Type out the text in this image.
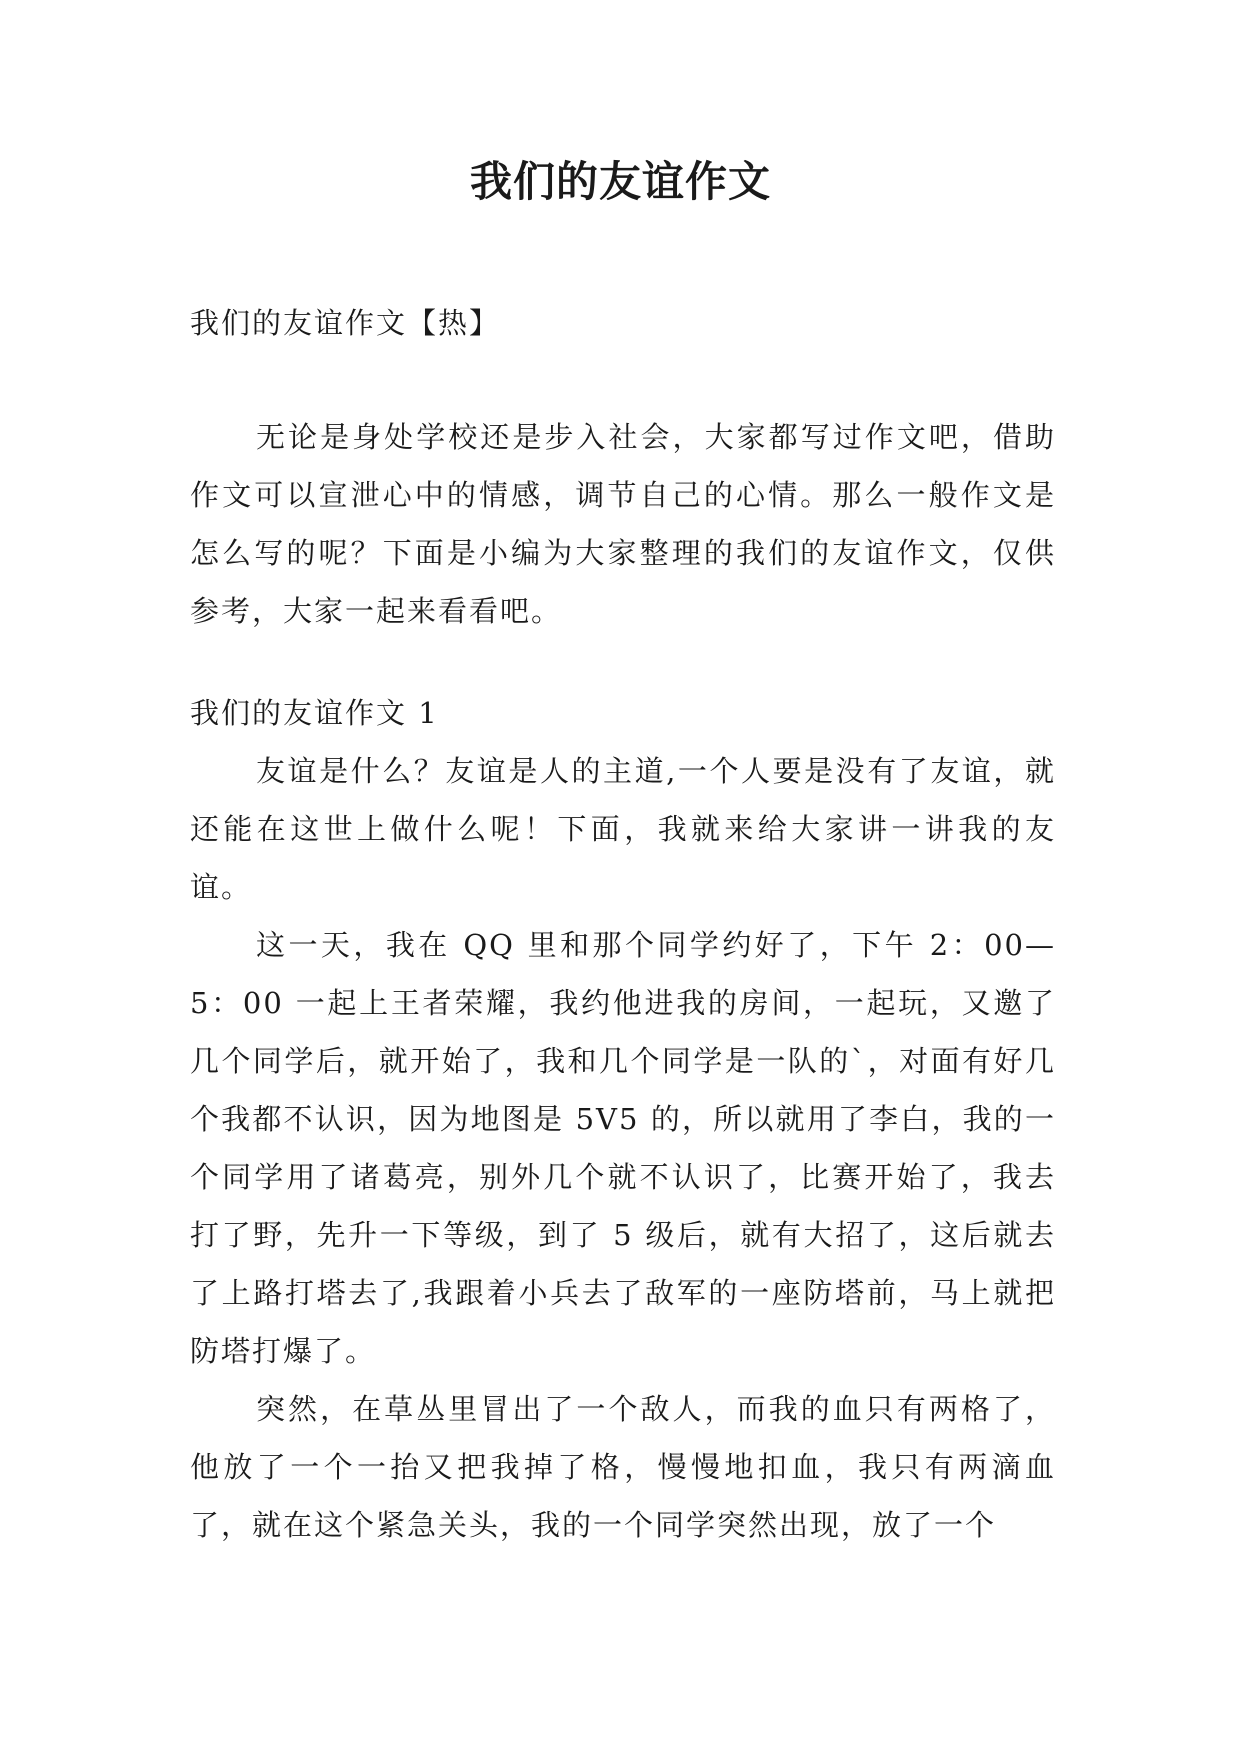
我们的友谊作文

我们的友谊作文【热】

无论是身处学校还是步入社会，大家都写过作文吧，借助作文可以宣泄心中的情感，调节自己的心情。那么一般作文是怎么写的呢？下面是小编为大家整理的我们的友谊作文，仅供参考，大家一起来看看吧。

我们的友谊作文 1

友谊是什么？友谊是人的主道,一个人要是没有了友谊，就还能在这世上做什么呢！下面，我就来给大家讲一讲我的友谊。

这一天，我在 QQ 里和那个同学约好了，下午 2：00—5：00 一起上王者荣耀，我约他进我的房间，一起玩，又邀了几个同学后，就开始了，我和几个同学是一队的`，对面有好几个我都不认识，因为地图是 5V5 的，所以就用了李白，我的一个同学用了诸葛亮，别外几个就不认识了，比赛开始了，我去打了野，先升一下等级，到了 5 级后，就有大招了，这后就去了上路打塔去了,我跟着小兵去了敌军的一座防塔前，马上就把防塔打爆了。

突然，在草丛里冒出了一个敌人，而我的血只有两格了，他放了一个一抬又把我掉了格，慢慢地扣血，我只有两滴血了，就在这个紧急关头，我的一个同学突然出现，放了一个
